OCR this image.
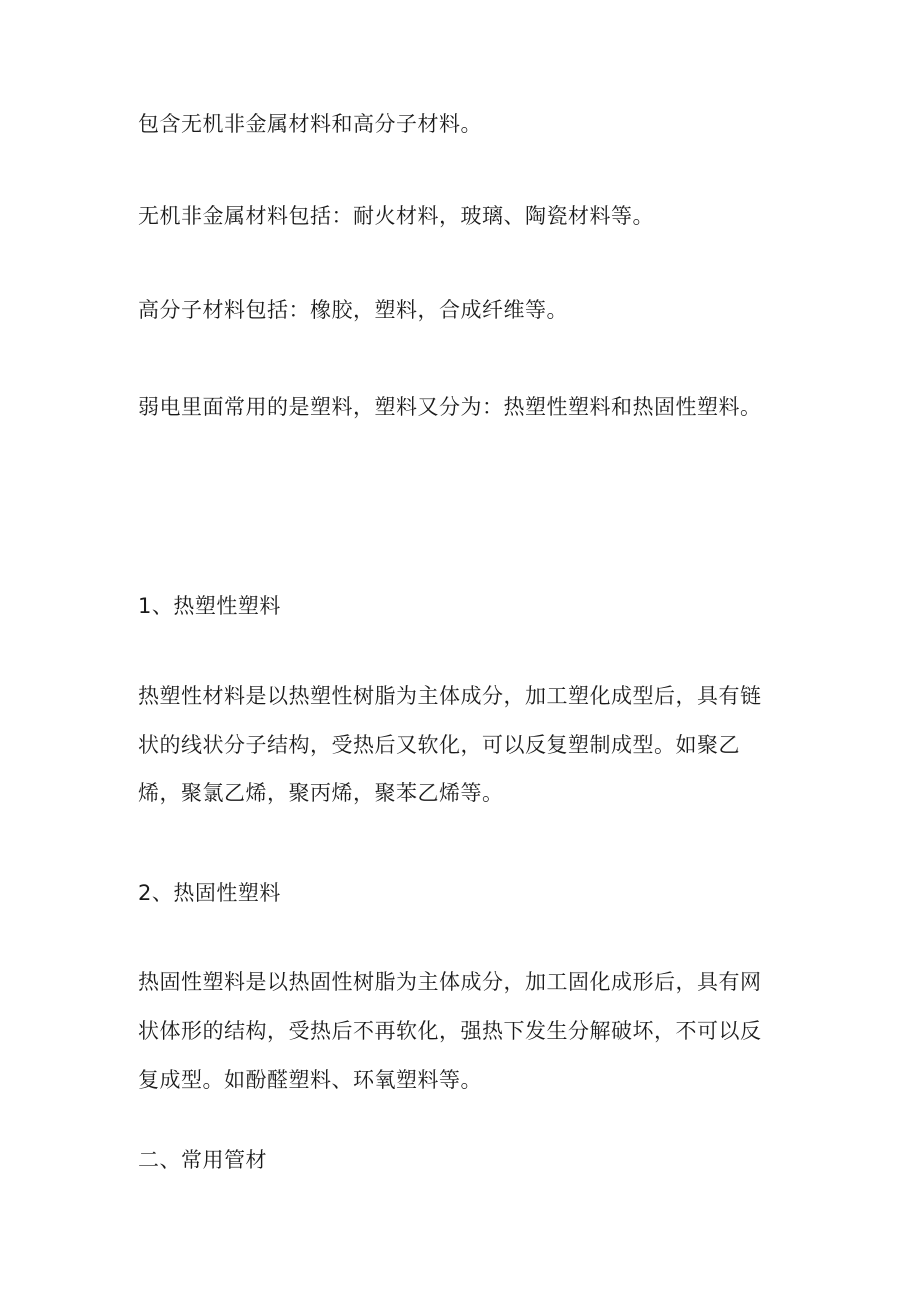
包含无机非金属材料和高分子材料。
无机非金属材料包括：耐火材料，玻璃、陶瓷材料等。
高分子材料包括：橡胶，塑料，合成纤维等。
弱电里面常用的是塑料，塑料又分为：热塑性塑料和热固性塑料。
1、热塑性塑料
热塑性材料是以热塑性树脂为主体成分，加工塑化成型后，具有链
状的线状分子结构，受热后又软化，可以反复塑制成型。如聚乙
烯，聚氯乙烯，聚丙烯，聚苯乙烯等。
2、热固性塑料
热固性塑料是以热固性树脂为主体成分，加工固化成形后，具有网
状体形的结构，受热后不再软化，强热下发生分解破坏，不可以反
复成型。如酚醛塑料、环氧塑料等。
二、常用管材
